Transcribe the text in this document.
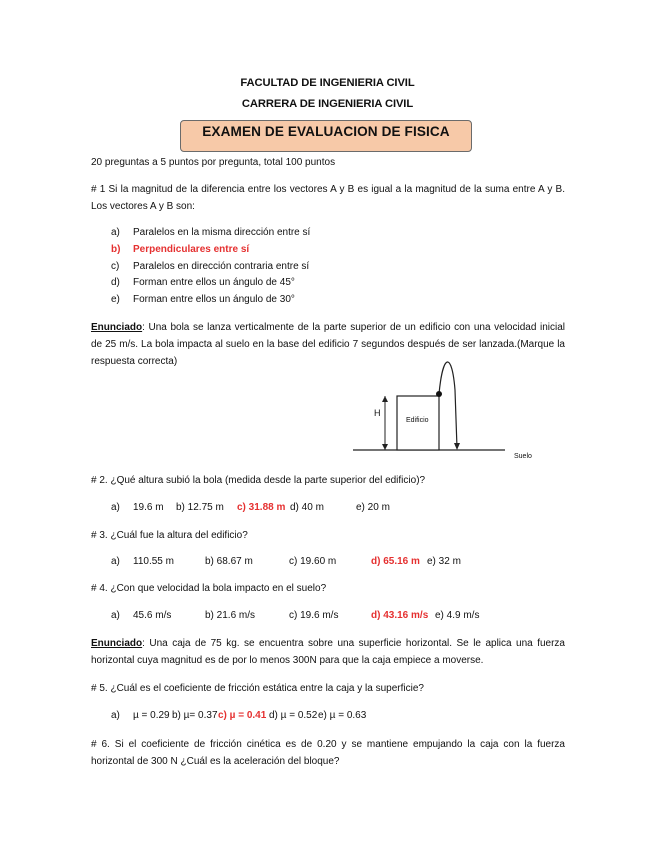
FACULTAD DE INGENIERIA CIVIL
CARRERA DE INGENIERIA CIVIL
EXAMEN DE EVALUACION DE FISICA
20 preguntas a 5 puntos por pregunta, total 100 puntos
# 1 Si la magnitud de la diferencia entre los vectores A y B es igual a la magnitud de la suma entre A y B. Los vectores A y B son:
a) Paralelos en la misma dirección entre sí
b) Perpendiculares entre sí
c) Paralelos en dirección contraria entre sí
d) Forman entre ellos un ángulo de 45°
e) Forman entre ellos un ángulo de 30°
Enunciado: Una bola se lanza verticalmente de la parte superior de un edificio con una velocidad inicial de 25 m/s. La bola impacta al suelo en la base del edificio 7 segundos después de ser lanzada.(Marque la respuesta correcta)
H
Edificio
Suelo
# 2. ¿Qué altura subió la bola (medida desde la parte superior del edificio)?
a) 19.6 m b) 12.75 m c) 31.88 m d) 40 m	e) 20 m
# 3. ¿Cuál fue la altura del edificio?
a) 110.55 m	b) 68.67 m	c) 19.60 m	d) 65.16 m e) 32 m
# 4. ¿Con que velocidad la bola impacto en el suelo?
a) 45.6 m/s	b) 21.6 m/s	c) 19.6 m/s	d) 43.16 m/s e) 4.9 m/s
Enunciado: Una caja de 75 kg. se encuentra sobre una superficie horizontal. Se le aplica una fuerza horizontal cuya magnitud es de por lo menos 300N para que la caja empiece a moverse.
# 5. ¿Cuál es el coeficiente de fricción estática entre la caja y la superficie?
a) µ = 0.29 b) µ= 0.37 c) µ = 0.41 d) µ = 0.52 e) µ = 0.63
# 6. Si el coeficiente de fricción cinética es de 0.20 y se mantiene empujando la caja con la fuerza horizontal de 300 N ¿Cuál es la aceleración del bloque?
